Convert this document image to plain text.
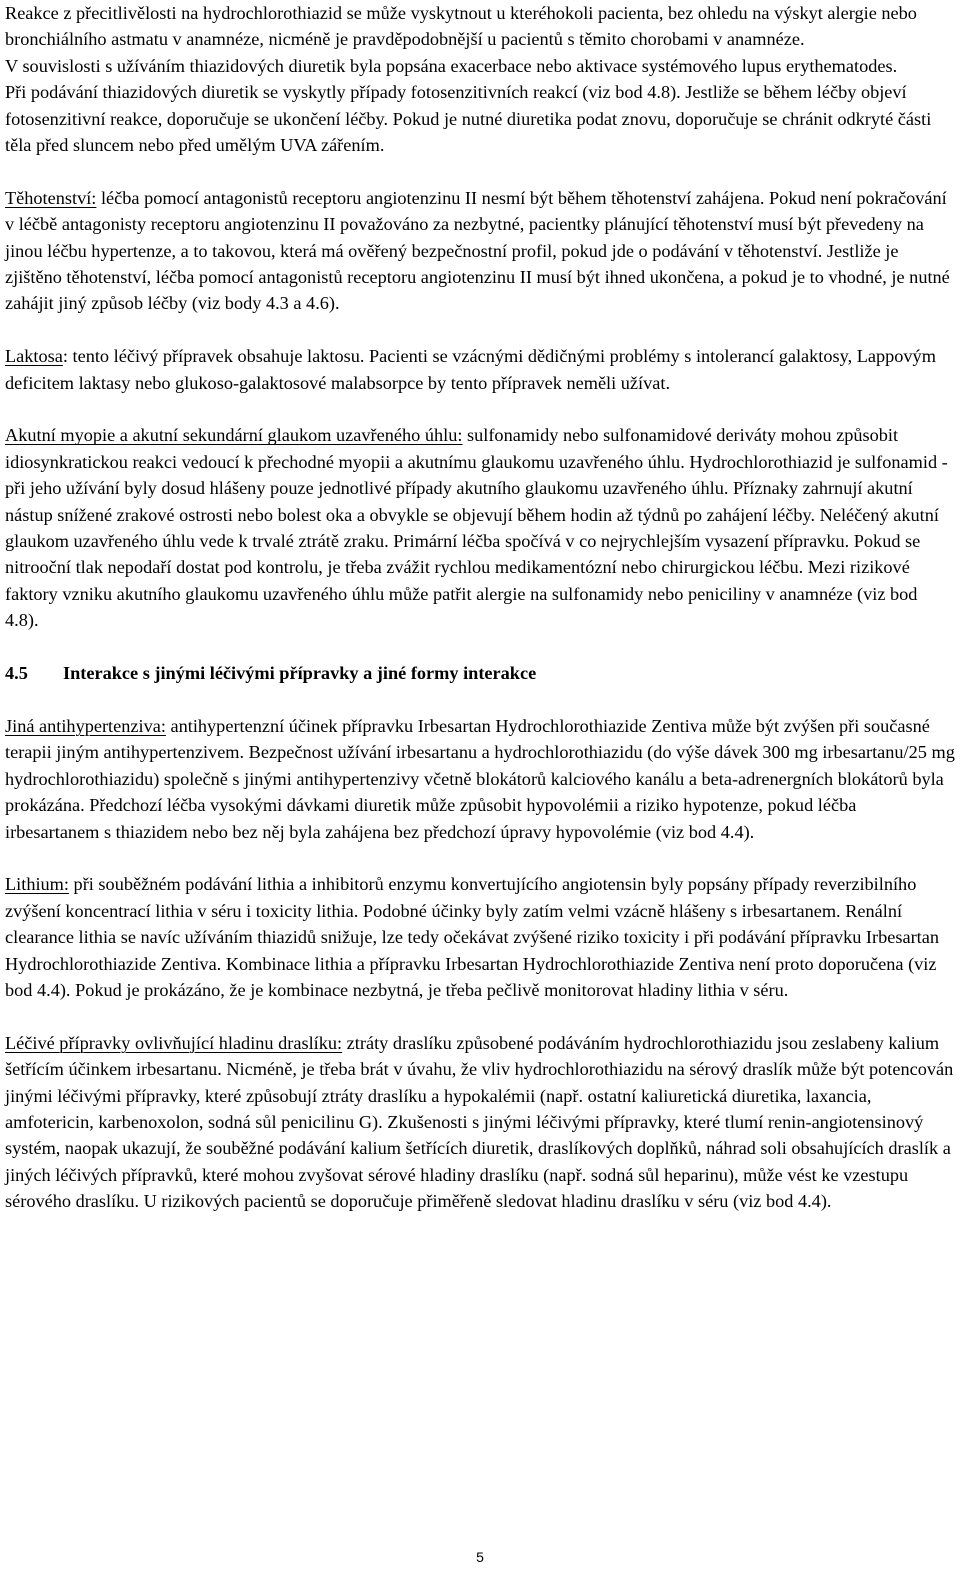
Reakce z přecitlivělosti na hydrochlorothiazid se může vyskytnout u kteréhokoli pacienta, bez ohledu na výskyt alergie nebo bronchiálního astmatu v anamnéze, nicméně je pravděpodobnější u pacientů s těmito chorobami v anamnéze.

V souvislosti s užíváním thiazidových diuretik byla popsána exacerbace nebo aktivace systémového lupus erythematodes.

Při podávání thiazidových diuretik se vyskytly případy fotosenzitivních reakcí (viz bod 4.8). Jestliže se během léčby objeví fotosenzitivní reakce, doporučuje se ukončení léčby. Pokud je nutné diuretika podat znovu, doporučuje se chránit odkryté části těla před sluncem nebo před umělým UVA zářením.

Těhotenství: léčba pomocí antagonistů receptoru angiotenzinu II nesmí být během těhotenství zahájena. Pokud není pokračování v léčbě antagonisty receptoru angiotenzinu II považováno za nezbytné, pacientky plánující těhotenství musí být převedeny na jinou léčbu hypertenze, a to takovou, která má ověřený bezpečnostní profil, pokud jde o podávání v těhotenství. Jestliže je zjištěno těhotenství, léčba pomocí antagonistů receptoru angiotenzinu II musí být ihned ukončena, a pokud je to vhodné, je nutné zahájit jiný způsob léčby (viz body 4.3 a 4.6).

Laktosa: tento léčivý přípravek obsahuje laktosu. Pacienti se vzácnými dědičnými problémy s intolerancí galaktosy, Lappovým deficitem laktasy nebo glukoso-galaktosové malabsorpce by tento přípravek neměli užívat.

Akutní myopie a akutní sekundární glaukom uzavřeného úhlu: sulfonamidy nebo sulfonamidové deriváty mohou způsobit idiosynkratickou reakci vedoucí k přechodné myopii a akutnímu glaukomu uzavřeného úhlu. Hydrochlorothiazid je sulfonamid - při jeho užívání byly dosud hlášeny pouze jednotlivé případy akutního glaukomu uzavřeného úhlu. Příznaky zahrnují akutní nástup snížené zrakové ostrosti nebo bolest oka a obvykle se objevují během hodin až týdnů po zahájení léčby. Neléčený akutní glaukom uzavřeného úhlu vede k trvalé ztrátě zraku. Primární léčba spočívá v co nejrychlejším vysazení přípravku. Pokud se nitrooční tlak nepodaří dostat pod kontrolu, je třeba zvážit rychlou medikamentózní nebo chirurgickou léčbu. Mezi rizikové faktory vzniku akutního glaukomu uzavřeného úhlu může patřit alergie na sulfonamidy nebo peniciliny v anamnéze (viz bod 4.8).

4.5 Interakce s jinými léčivými přípravky a jiné formy interakce

Jiná antihypertenziva: antihypertenzní účinek přípravku Irbesartan Hydrochlorothiazide Zentiva může být zvýšen při současné terapii jiným antihypertenzivem. Bezpečnost užívání irbesartanu a hydrochlorothiazidu (do výše dávek 300 mg irbesartanu/25 mg hydrochlorothiazidu) společně s jinými antihypertenzivy včetně blokátorů kalciového kanálu a beta-adrenergních blokátorů byla prokázána. Předchozí léčba vysokými dávkami diuretik může způsobit hypovolémii a riziko hypotenze, pokud léčba irbesartanem s thiazidem nebo bez něj byla zahájena bez předchozí úpravy hypovolémie (viz bod 4.4).

Lithium: při souběžném podávání lithia a inhibitorů enzymu konvertujícího angiotensin byly popsány případy reverzibilního zvýšení koncentrací lithia v séru i toxicity lithia. Podobné účinky byly zatím velmi vzácně hlášeny s irbesartanem. Renální clearance lithia se navíc užíváním thiazidů snižuje, lze tedy očekávat zvýšené riziko toxicity i při podávání přípravku Irbesartan Hydrochlorothiazide Zentiva. Kombinace lithia a přípravku Irbesartan Hydrochlorothiazide Zentiva není proto doporučena (viz bod 4.4). Pokud je prokázáno, že je kombinace nezbytná, je třeba pečlivě monitorovat hladiny lithia v séru.

Léčivé přípravky ovlivňující hladinu draslíku: ztráty draslíku způsobené podáváním hydrochlorothiazidu jsou zeslabeny kalium šetřícím účinkem irbesartanu. Nicméně, je třeba brát v úvahu, že vliv hydrochlorothiazidu na sérový draslík může být potencován jinými léčivými přípravky, které způsobují ztráty draslíku a hypokalémii (např. ostatní kaliuretická diuretika, laxancia, amfotericin, karbenoxolon, sodná sůl penicilinu G). Zkušenosti s jinými léčivými přípravky, které tlumí renin-angiotensinový systém, naopak ukazují, že souběžné podávání kalium šetřících diuretik, draslíkových doplňků, náhrad soli obsahujících draslík a jiných léčivých přípravků, které mohou zvyšovat sérové hladiny draslíku (např. sodná sůl heparinu), může vést ke vzestupu sérového draslíku. U rizikových pacientů se doporučuje přiměřeně sledovat hladinu draslíku v séru (viz bod 4.4).

5
